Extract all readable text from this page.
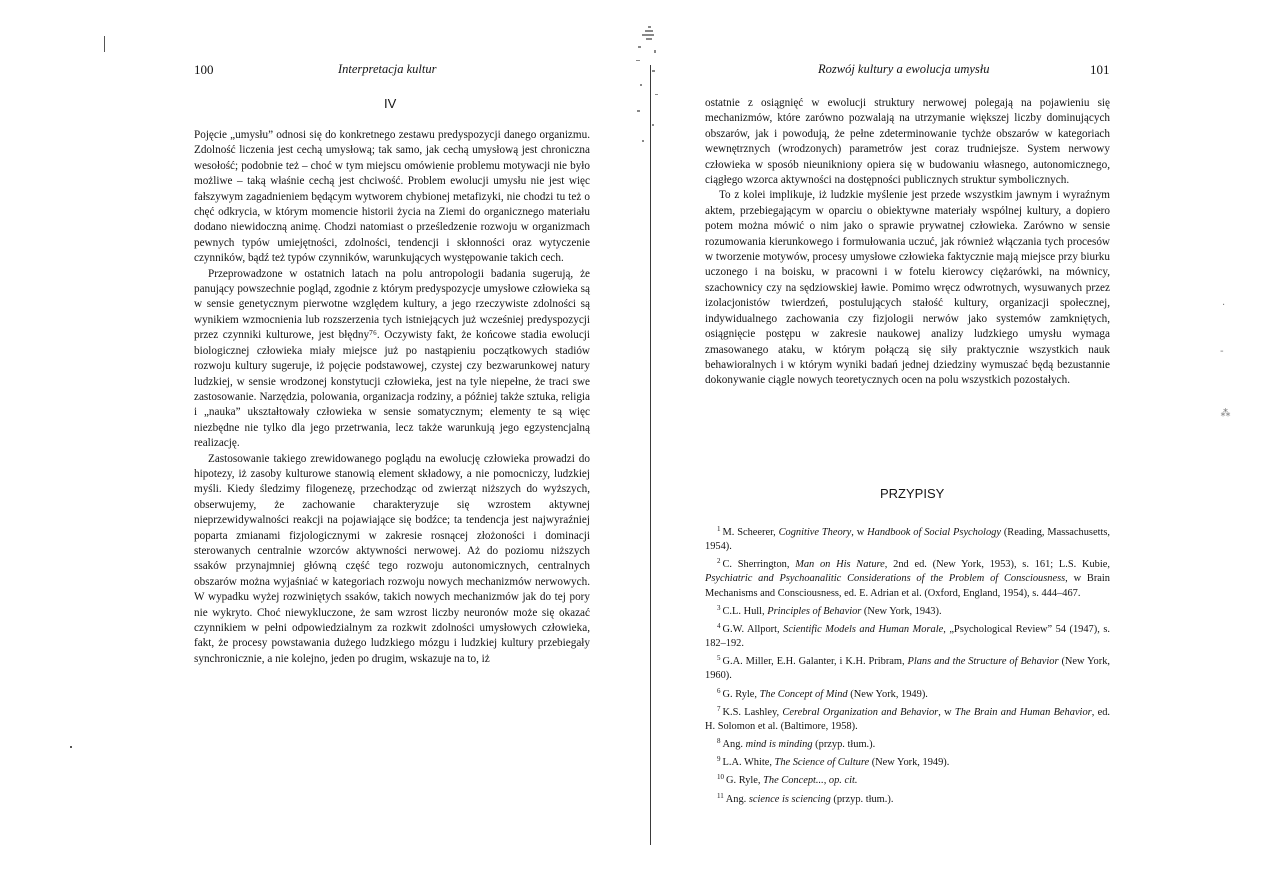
100	Interpretacja kultur
IV

Pojęcie „umysłu” odnosi się do konkretnego zestawu predyspozycji danego organizmu. Zdolność liczenia jest cechą umysłową; tak samo, jak cechą umysłową jest chroniczna wesołość; podobnie też – choć w tym miejscu omówienie problemu motywacji nie było możliwe – taką właśnie cechą jest chciwość. Problem ewolucji umysłu nie jest więc fałszywym zagadnieniem będącym wytworem chybionej metafizyki, nie chodzi tu też o chęć odkrycia, w którym momencie historii życia na Ziemi do organicznego materiału dodano niewidoczną animę. Chodzi natomiast o prześledzenie rozwoju w organizmach pewnych typów umiejętności, zdolności, tendencji i skłonności oraz wytyczenie czynników, bądź też typów czynników, warunkujących występowanie takich cech.

Przeprowadzone w ostatnich latach na polu antropologii badania sugerują, że panujący powszechnie pogląd, zgodnie z którym predyspozycje umysłowe człowieka są w sensie genetycznym pierwotne względem kultury, a jego rzeczywiste zdolności są wynikiem wzmocnienia lub rozszerzenia tych istniejących już wcześniej predyspozycji przez czynniki kulturowe, jest błędny⁷⁶. Oczywisty fakt, że końcowe stadia ewolucji biologicznej człowieka miały miejsce już po nastąpieniu początkowych stadiów rozwoju kultury sugeruje, iż pojęcie podstawowej, czystej czy bezwarunkowej natury ludzkiej, w sensie wrodzonej konstytucji człowieka, jest na tyle niepełne, że traci swe zastosowanie. Narzędzia, polowania, organizacja rodziny, a później także sztuka, religia i „nauka” ukształtowały człowieka w sensie somatycznym; elementy te są więc niezbędne nie tylko dla jego przetrwania, lecz także warunkują jego egzystencjalną realizację.

Zastosowanie takiego zrewidowanego poglądu na ewolucję człowieka prowadzi do hipotezy, iż zasoby kulturowe stanowią element składowy, a nie pomocniczy, ludzkiej myśli. Kiedy śledzimy filogenezę, przechodząc od zwierząt niższych do wyższych, obserwujemy, że zachowanie charakteryzuje się wzrostem aktywnej nieprzewidywalności reakcji na pojawiające się bodźce; ta tendencja jest najwyraźniej poparta zmianami fizjologicznymi w zakresie rosnącej złożoności i dominacji sterowanych centralnie wzorców aktywności nerwowej. Aż do poziomu niższych ssaków przynajmniej główną część tego rozwoju autonomicznych, centralnych obszarów można wyjaśniać w kategoriach rozwoju nowych mechanizmów nerwowych. W wypadku wyżej rozwiniętych ssaków, takich nowych mechanizmów jak do tej pory nie wykryto. Choć niewykluczone, że sam wzrost liczby neuronów może się okazać czynnikiem w pełni odpowiedzialnym za rozkwit zdolności umysłowych człowieka, fakt, że procesy powstawania dużego ludzkiego mózgu i ludzkiej kultury przebiegały synchronicznie, a nie kolejno, jeden po drugim, wskazuje na to, iż

Rozwój kultury a ewolucja umysłu	101

ostatnie z osiągnięć w ewolucji struktury nerwowej polegają na pojawieniu się mechanizmów, które zarówno pozwalają na utrzymanie większej liczby dominujących obszarów, jak i powodują, że pełne zdeterminowanie tychże obszarów w kategoriach wewnętrznych (wrodzonych) parametrów jest coraz trudniejsze. System nerwowy człowieka w sposób nieunikniony opiera się w budowaniu własnego, autonomicznego, ciągłego wzorca aktywności na dostępności publicznych struktur symbolicznych.

To z kolei implikuje, iż ludzkie myślenie jest przede wszystkim jawnym i wyraźnym aktem, przebiegającym w oparciu o obiektywne materiały wspólnej kultury, a dopiero potem można mówić o nim jako o sprawie prywatnej człowieka. Zarówno w sensie rozumowania kierunkowego i formułowania uczuć, jak również włączania tych procesów w tworzenie motywów, procesy umysłowe człowieka faktycznie mają miejsce przy biurku uczonego i na boisku, w pracowni i w fotelu kierowcy ciężarówki, na mównicy, szachownicy czy na sędziowskiej ławie. Pomimo wręcz odwrotnych, wysuwanych przez izolacjonistów twierdzeń, postulujących stałość kultury, organizacji społecznej, indywidualnego zachowania czy fizjologii nerwów jako systemów zamkniętych, osiągnięcie postępu w zakresie naukowej analizy ludzkiego umysłu wymaga zmasowanego ataku, w którym połączą się siły praktycznie wszystkich nauk behawioralnych i w którym wyniki badań jednej dziedziny wymuszać będą bezustannie dokonywanie ciągle nowych teoretycznych ocen na polu wszystkich pozostałych.

PRZYPISY

$^1$ M. Scheerer, Cognitive Theory, w Handbook of Social Psychology (Reading, Massachusetts, 1954).

$^2$ C. Sherrington, Man on His Nature, 2nd ed. (New York, 1953), s. 161; L.S. Kubie, Psychiatric and Psychoanalitic Considerations of the Problem of Consciousness, w Brain Mechanisms and Consciousness, ed. E. Adrian et al. (Oxford, England, 1954), s. 444–467.

$^3$ C.L. Hull, Principles of Behavior (New York, 1943).

$^4$ G.W. Allport, Scientific Models and Human Morale, „Psychological Review” 54 (1947), s. 182–192.

$^5$ G.A. Miller, E.H. Galanter, i K.H. Pribram, Plans and the Structure of Behavior (New York, 1960).

$^6$ G. Ryle, The Concept of Mind (New York, 1949).

$^7$ K.S. Lashley, Cerebral Organization and Behavior, w The Brain and Human Behavior, ed. H. Solomon et al. (Baltimore, 1958).

$^8$ Ang. mind is minding (przyp. tłum.).

$^9$ L.A. White, The Science of Culture (New York, 1949).

$^{10}$ G. Ryle, The Concept..., op. cit.

$^{11}$ Ang. science is sciencing (przyp. tłum.).

·
-
⁂
